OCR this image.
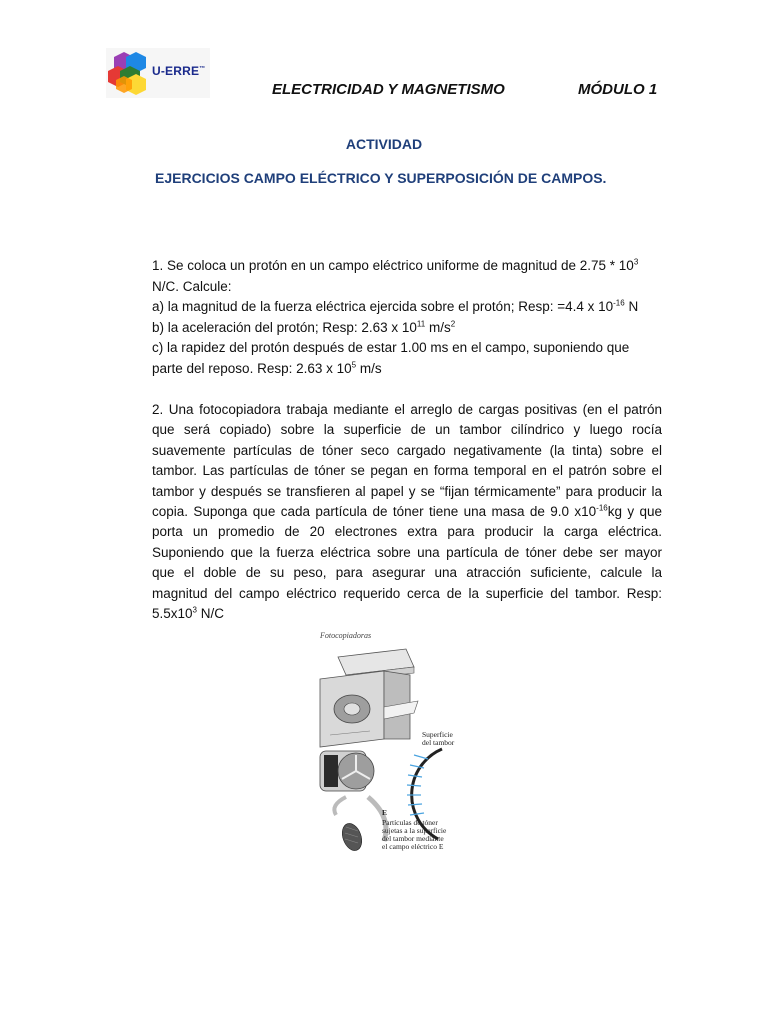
U-ERRE™
ELECTRICIDAD Y MAGNETISMO	MÓDULO 1
ACTIVIDAD
EJERCICIOS CAMPO ELÉCTRICO Y SUPERPOSICIÓN DE CAMPOS.
1. Se coloca un protón en un campo eléctrico uniforme de magnitud de $2.75 * 10^3$
N/C. Calcule:
a) la magnitud de la fuerza eléctrica ejercida sobre el protón; Resp: =4.4 x $10^{-16}$ N
b) la aceleración del protón; Resp: 2.63 x $10^{11}$ $m/s^2$
c) la rapidez del protón después de estar 1.00 ms en el campo, suponiendo que
parte del reposo. Resp: 2.63 x $10^5$ m/s
2. Una fotocopiadora trabaja mediante el arreglo de cargas positivas (en el patrón
que será copiado) sobre la superficie de un tambor cilíndrico y luego rocía
suavemente partículas de tóner seco cargado negativamente (la tinta) sobre el
tambor. Las partículas de tóner se pegan en forma temporal en el patrón sobre el
tambor y después se transfieren al papel y se “fijan térmicamente” para producir la
copia. Suponga que cada partícula de tóner tiene una masa de 9.0 $x10^{-16}kg$ y que
porta un promedio de 20 electrones extra para producir la carga eléctrica.
Suponiendo que la fuerza eléctrica sobre una partícula de tóner debe ser mayor
que el doble de su peso, para asegurar una atracción suficiente, calcule la
magnitud del campo eléctrico requerido cerca de la superficie del tambor. Resp:
$5.5x10^3$ N/C
Fotocopiadoras
Superficie
del tambor
E
Partículas de tóner
sujetas a la superficie
del tambor mediante
el campo eléctrico E
